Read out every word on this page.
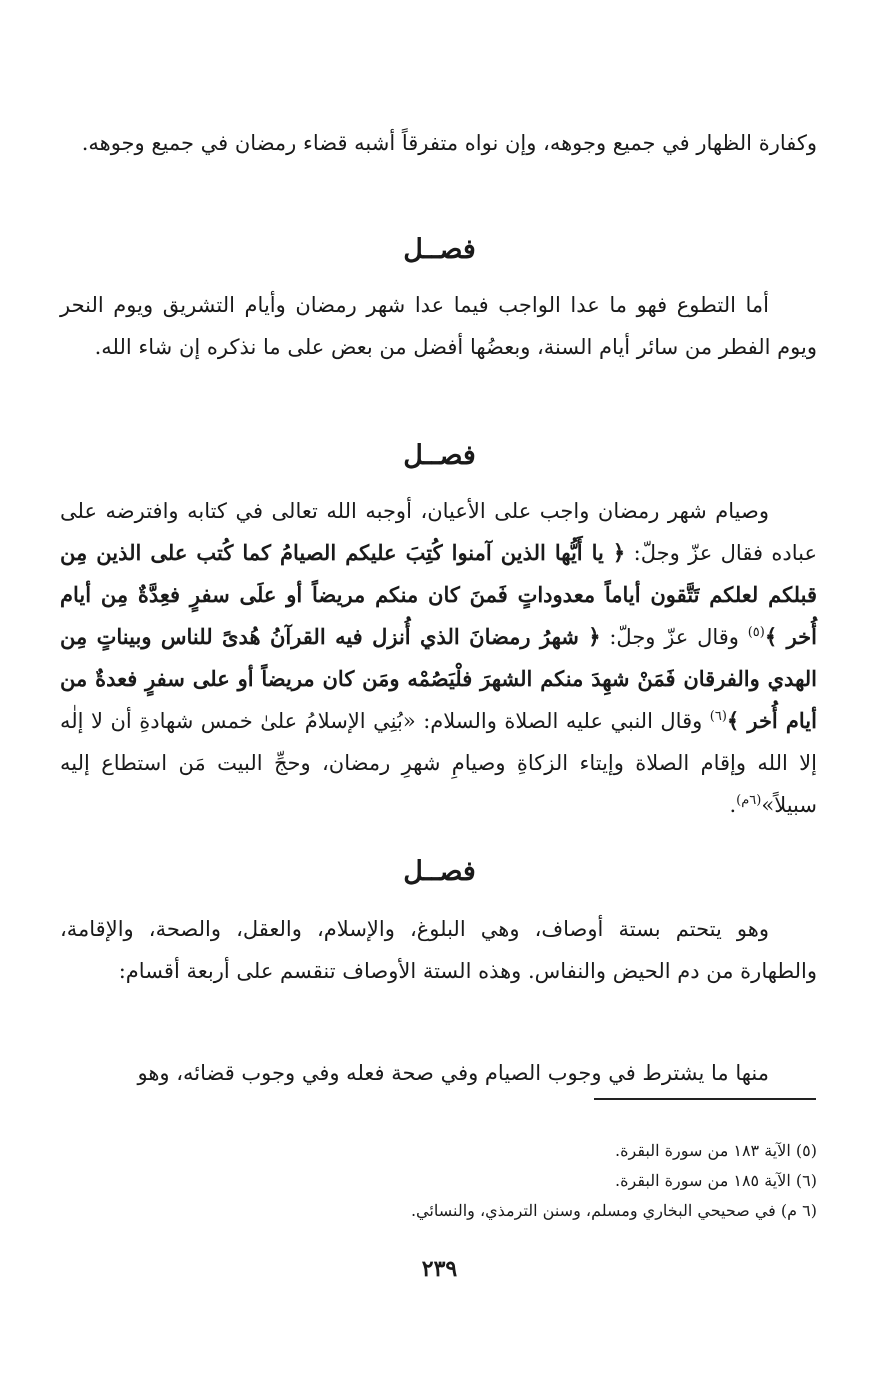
وكفارة الظهار في جميع وجوهه، وإن نواه متفرقاً أشبه قضاء رمضان في جميع وجوهه.

فصــل

أما التطوع فهو ما عدا الواجب فيما عدا شهر رمضان وأيام التشريق ويوم النحر ويوم الفطر من سائر أيام السنة، وبعضُها أفضل من بعض على ما نذكره إن شاء الله.

فصــل

وصيام شهر رمضان واجب على الأعيان، أوجبه الله تعالى في كتابه وافترضه على عباده فقال عزّ وجلّ: ﴿ يا أَيُّها الذين آمنوا كُتِبَ عليكم الصيامُ كما كُتب على الذين مِن قبلكم لعلكم تَتَّقون أياماً معدوداتٍ فَمنَ كان منكم مريضاً أو علَى سفرٍ فعِدَّةٌ مِن أيام أُخر ﴾$^{(٥)}$ وقال عزّ وجلّ: ﴿ شهرُ رمضانَ الذي أُنزل فيه القرآنُ هُدىً للناس وبيناتٍ مِن الهدي والفرقان فَمَنْ شهِدَ منكم الشهرَ فلْيَصُمْه ومَن كان مريضاً أو على سفرٍ فعدةٌ من أيام أُخر ﴾$^{(٦)}$ وقال النبي عليه الصلاة والسلام: «بُنِي الإسلامُ علىٰ خمس شهادةِ أن لا إلٰه إلا الله وإقام الصلاة وإيتاء الزكاةِ وصيامِ شهرِ رمضان، وحجِّ البيت مَن استطاع إليه سبيلاً»$^{(٦م)}$.

فصــل

وهو يتحتم بستة أوصاف، وهي البلوغ، والإسلام، والعقل، والصحة، والإقامة، والطهارة من دم الحيض والنفاس. وهذه الستة الأوصاف تنقسم على أربعة أقسام:

منها ما يشترط في وجوب الصيام وفي صحة فعله وفي وجوب قضائه، وهو

(٥) الآية ١٨٣ من سورة البقرة.

(٦) الآية ١٨٥ من سورة البقرة.

(٦ م) في صحيحي البخاري ومسلم، وسنن الترمذي، والنسائي.

٢٣٩
